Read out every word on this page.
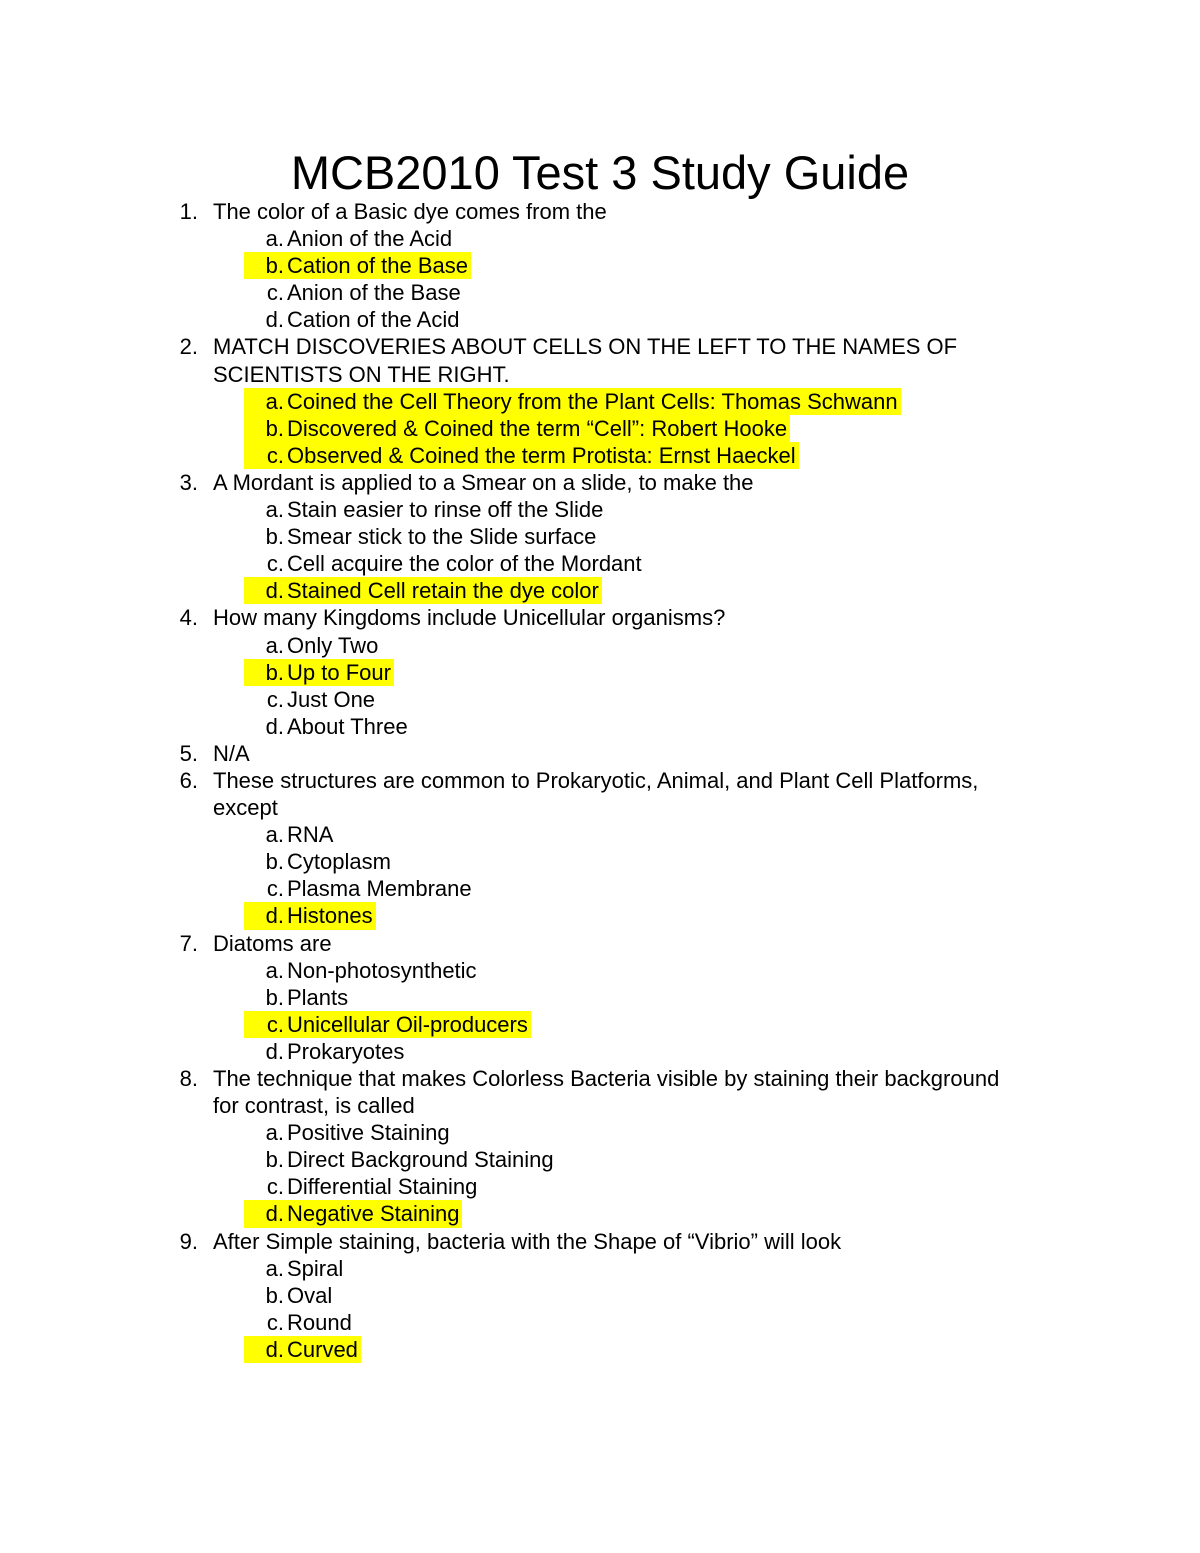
MCB2010 Test 3 Study Guide
1. The color of a Basic dye comes from the
a. Anion of the Acid
b. Cation of the Base
c. Anion of the Base
d. Cation of the Acid
2. MATCH DISCOVERIES ABOUT CELLS ON THE LEFT TO THE NAMES OF
SCIENTISTS ON THE RIGHT.
a. Coined the Cell Theory from the Plant Cells: Thomas Schwann
b. Discovered & Coined the term “Cell”: Robert Hooke
c. Observed & Coined the term Protista: Ernst Haeckel
3. A Mordant is applied to a Smear on a slide, to make the
a. Stain easier to rinse off the Slide
b. Smear stick to the Slide surface
c. Cell acquire the color of the Mordant
d. Stained Cell retain the dye color
4. How many Kingdoms include Unicellular organisms?
a. Only Two
b. Up to Four
c. Just One
d. About Three
5. N/A
6. These structures are common to Prokaryotic, Animal, and Plant Cell Platforms,
except
a. RNA
b. Cytoplasm
c. Plasma Membrane
d. Histones
7. Diatoms are
a. Non-photosynthetic
b. Plants
c. Unicellular Oil-producers
d. Prokaryotes
8. The technique that makes Colorless Bacteria visible by staining their background
for contrast, is called
a. Positive Staining
b. Direct Background Staining
c. Differential Staining
d. Negative Staining
9. After Simple staining, bacteria with the Shape of “Vibrio” will look
a. Spiral
b. Oval
c. Round
d. Curved
